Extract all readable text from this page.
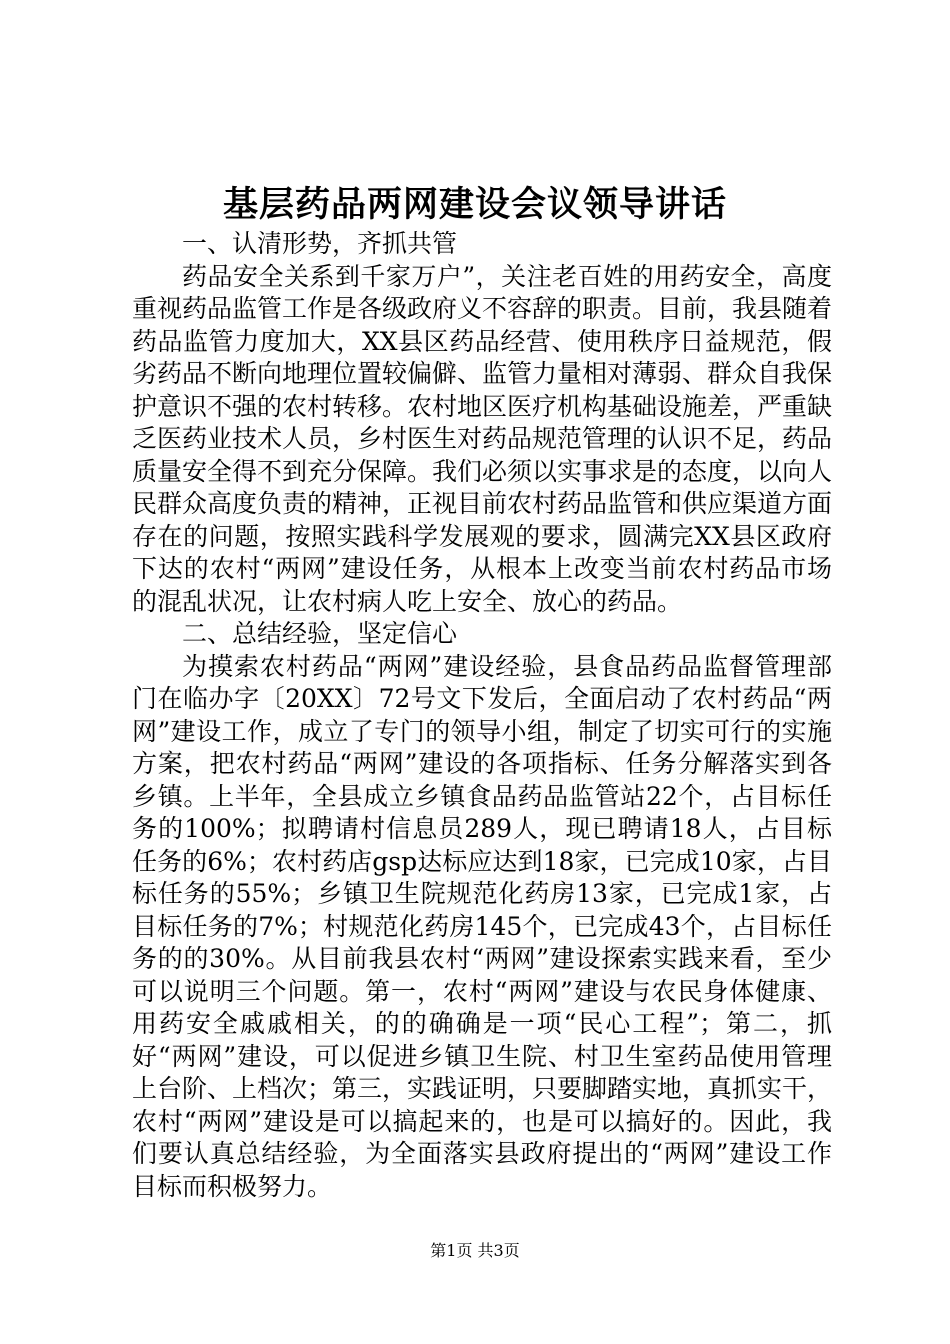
基层药品两网建设会议领导讲话

一、认清形势，齐抓共管

药品安全关系到千家万户”，关注老百姓的用药安全，高度重视药品监管工作是各级政府义不容辞的职责。目前，我县随着药品监管力度加大，XX县区药品经营、使用秩序日益规范，假劣药品不断向地理位置较偏僻、监管力量相对薄弱、群众自我保护意识不强的农村转移。农村地区医疗机构基础设施差，严重缺乏医药业技术人员，乡村医生对药品规范管理的认识不足，药品质量安全得不到充分保障。我们必须以实事求是的态度，以向人民群众高度负责的精神，正视目前农村药品监管和供应渠道方面存在的问题，按照实践科学发展观的要求，圆满完XX县区政府下达的农村“两网”建设任务，从根本上改变当前农村药品市场的混乱状况，让农村病人吃上安全、放心的药品。

二、总结经验，坚定信心

为摸索农村药品“两网”建设经验，县食品药品监督管理部门在临办字〔20XX〕72号文下发后，全面启动了农村药品“两网”建设工作，成立了专门的领导小组，制定了切实可行的实施方案，把农村药品“两网”建设的各项指标、任务分解落实到各乡镇。上半年，全县成立乡镇食品药品监管站22个，占目标任务的100%；拟聘请村信息员289人，现已聘请18人，占目标任务的6%；农村药店gsp达标应达到18家，已完成10家，占目标任务的55%；乡镇卫生院规范化药房13家，已完成1家，占目标任务的7%；村规范化药房145个，已完成43个，占目标任务的的30%。从目前我县农村“两网”建设探索实践来看，至少可以说明三个问题。第一，农村“两网”建设与农民身体健康、用药安全戚戚相关，的的确确是一项“民心工程”；第二，抓好“两网”建设，可以促进乡镇卫生院、村卫生室药品使用管理上台阶、上档次；第三，实践证明，只要脚踏实地，真抓实干，农村“两网”建设是可以搞起来的，也是可以搞好的。因此，我们要认真总结经验，为全面落实县政府提出的“两网”建设工作目标而积极努力。

第1页 共3页
